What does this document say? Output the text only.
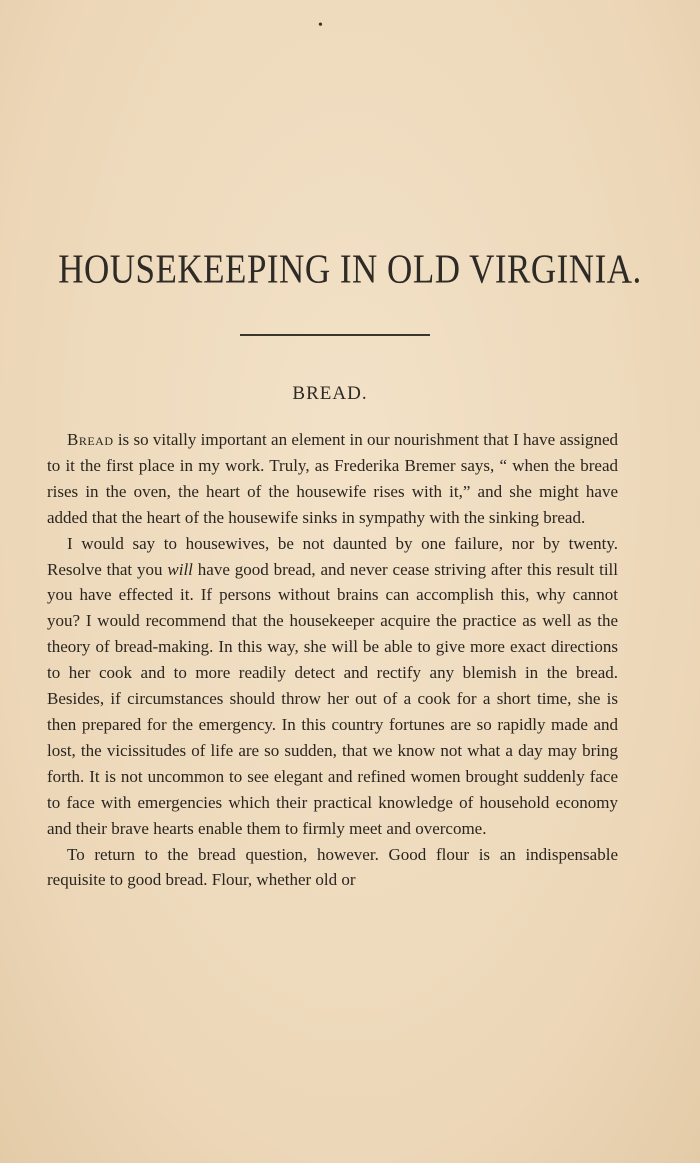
•
HOUSEKEEPING IN OLD VIRGINIA.
BREAD.

Bread is so vitally important an element in our nourishment that I have assigned to it the first place in my work. Truly, as Frederika Bremer says, “ when the bread rises in the oven, the heart of the housewife rises with it,” and she might have added that the heart of the housewife sinks in sympathy with the sinking bread.

I would say to housewives, be not daunted by one failure, nor by twenty. Resolve that you will have good bread, and never cease striving after this result till you have effected it. If persons without brains can accomplish this, why cannot you? I would recommend that the housekeeper acquire the practice as well as the theory of bread-making. In this way, she will be able to give more exact directions to her cook and to more readily detect and rectify any blemish in the bread. Besides, if circumstances should throw her out of a cook for a short time, she is then prepared for the emergency. In this country fortunes are so rapidly made and lost, the vicissitudes of life are so sudden, that we know not what a day may bring forth. It is not uncommon to see elegant and refined women brought suddenly face to face with emergencies which their practical knowledge of household economy and their brave hearts enable them to firmly meet and overcome.

To return to the bread question, however. Good flour is an indispensable requisite to good bread. Flour, whether old or
